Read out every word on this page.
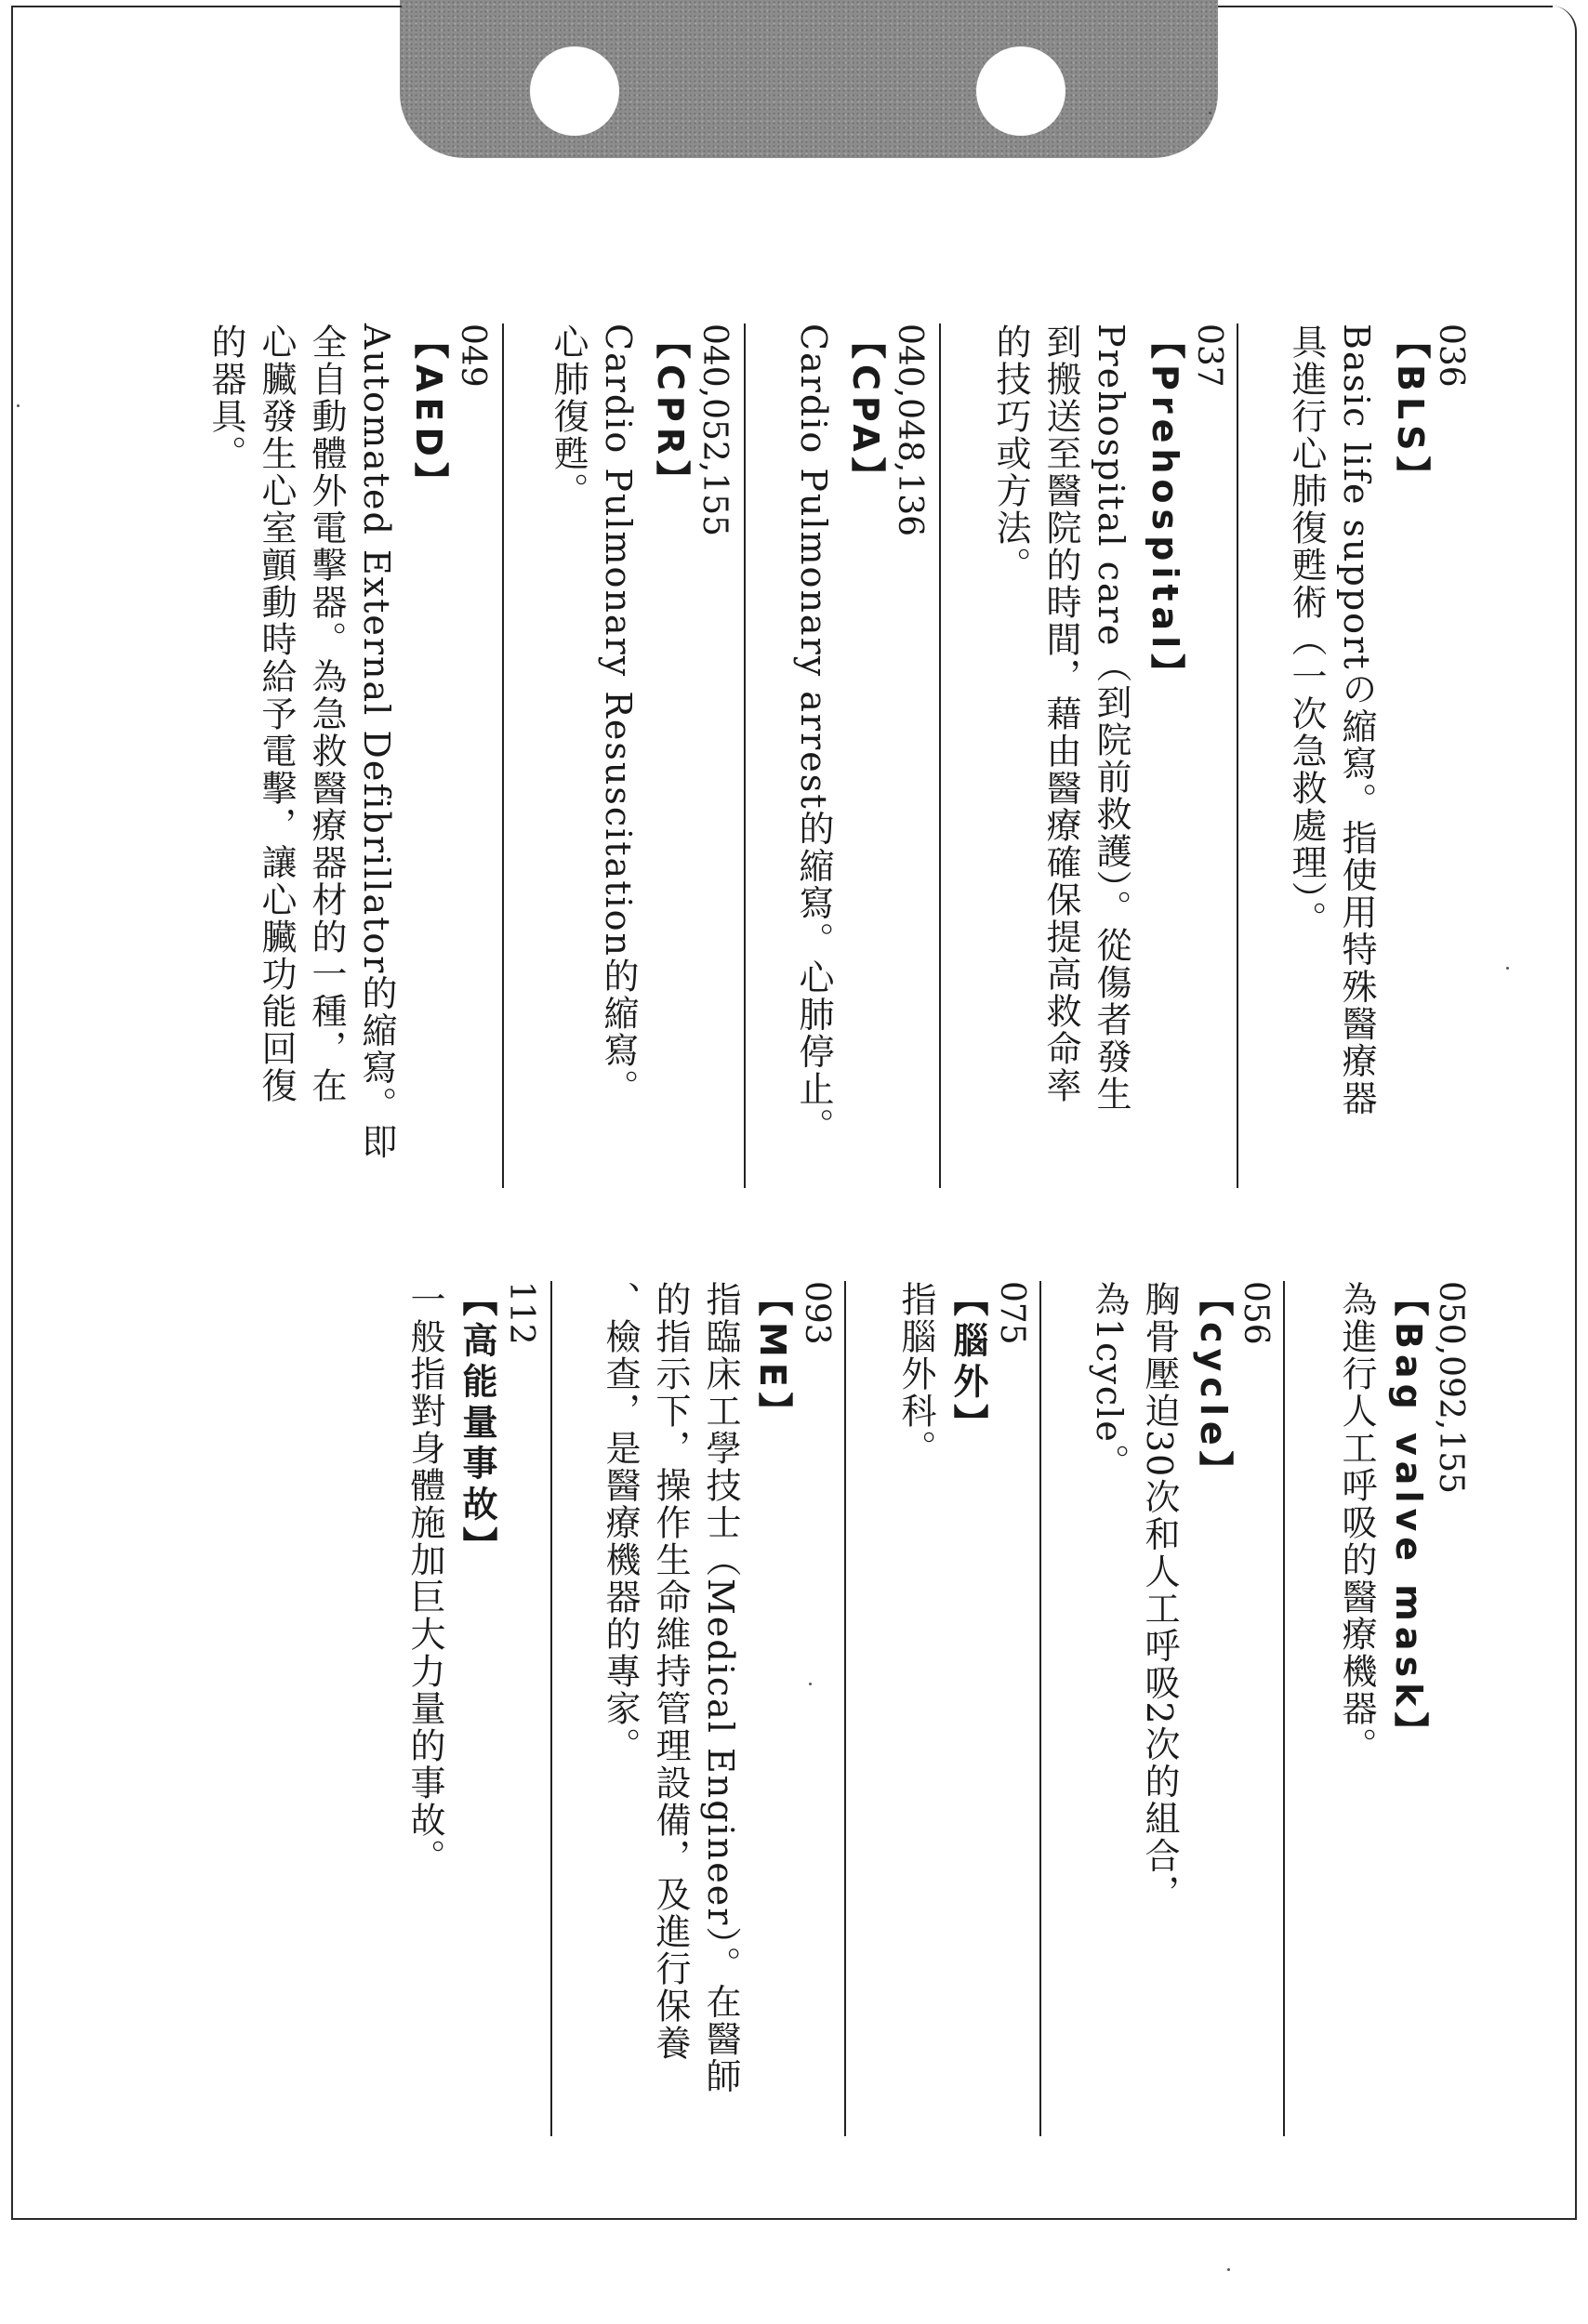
036
【BLS】
Basic life supportの縮寫。指使用特殊醫療器
具進行心肺復甦術（一次急救處理）。
037
【Prehospital】
Prehospital care（到院前救護）。從傷者發生
到搬送至醫院的時間，藉由醫療確保提高救命率
的技巧或方法。
040,048,136
【CPA】
Cardio Pulmonary arrest的縮寫。心肺停止。
040,052,155
【CPR】
Cardio Pulmonary Resuscitation的縮寫。
心肺復甦。
049
【AED】
Automated External Defibrillator的縮寫。即
全自動體外電擊器。為急救醫療器材的一種，在
心臟發生心室顫動時給予電擊，讓心臟功能回復
的器具。
050,092,155
【Bag valve mask】
為進行人工呼吸的醫療機器。
056
【cycle】
胸骨壓迫30次和人工呼吸2次的組合，
為1cycle。
075
【腦外】
指腦外科。
093
【ME】
指臨床工學技士（Medical Engineer）。在醫師
的指示下，操作生命維持管理設備，及進行保養
、檢查，是醫療機器的專家。
112
【高能量事故】
一般指對身體施加巨大力量的事故。
